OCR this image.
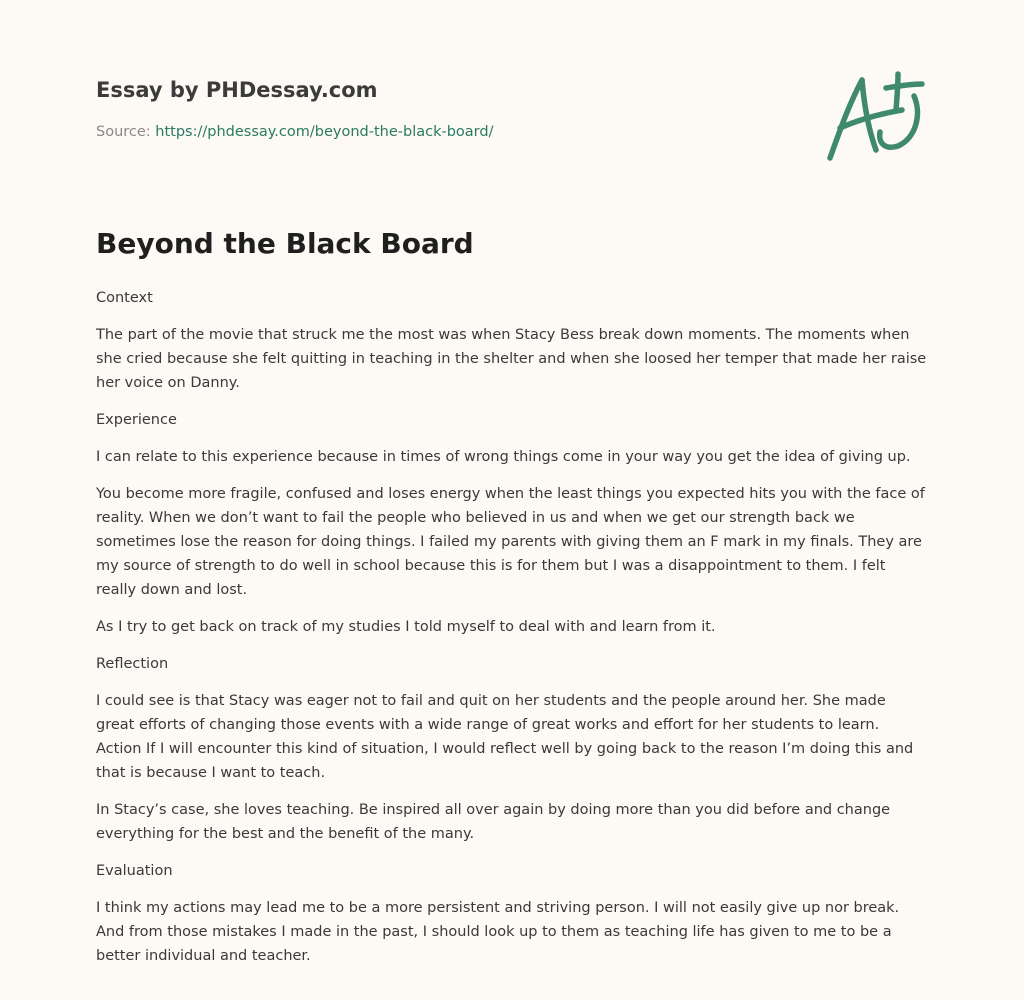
Essay by PHDessay.com
Source: https://phdessay.com/beyond-the-black-board/
Beyond the Black Board

Context

The part of the movie that struck me the most was when Stacy Bess break down moments. The moments when she cried because she felt quitting in teaching in the shelter and when she loosed her temper that made her raise her voice on Danny.

Experience

I can relate to this experience because in times of wrong things come in your way you get the idea of giving up.

You become more fragile, confused and loses energy when the least things you expected hits you with the face of reality. When we don’t want to fail the people who believed in us and when we get our strength back we sometimes lose the reason for doing things. I failed my parents with giving them an F mark in my finals. They are my source of strength to do well in school because this is for them but I was a disappointment to them. I felt really down and lost.

As I try to get back on track of my studies I told myself to deal with and learn from it.

Reflection

I could see is that Stacy was eager not to fail and quit on her students and the people around her. She made great efforts of changing those events with a wide range of great works and effort for her students to learn. Action If I will encounter this kind of situation, I would reflect well by going back to the reason I’m doing this and that is because I want to teach.

In Stacy’s case, she loves teaching. Be inspired all over again by doing more than you did before and change everything for the best and the benefit of the many.

Evaluation

I think my actions may lead me to be a more persistent and striving person. I will not easily give up nor break. And from those mistakes I made in the past, I should look up to them as teaching life has given to me to be a better individual and teacher.
